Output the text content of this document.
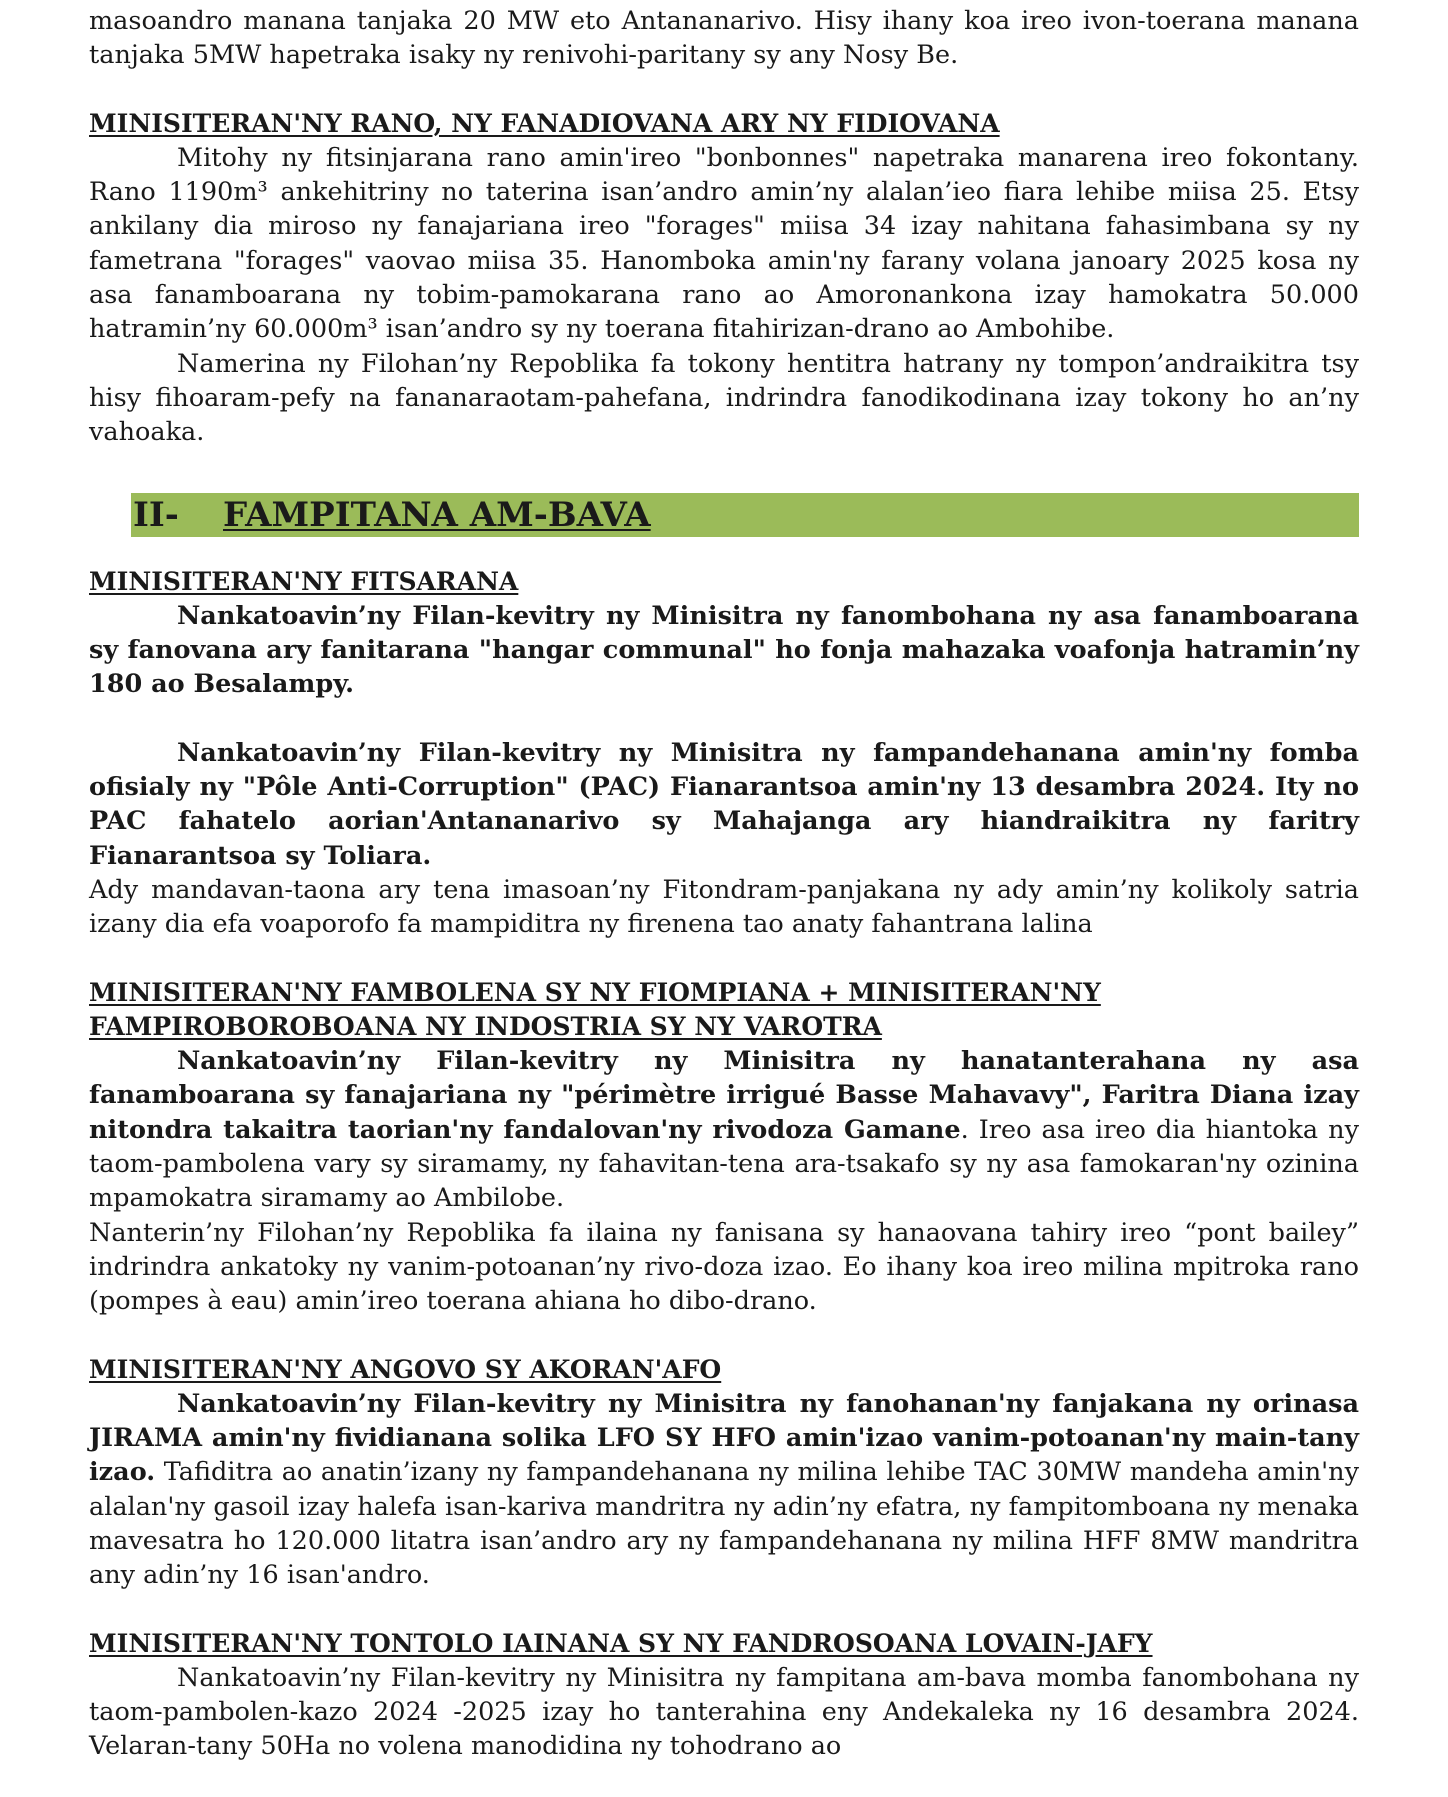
masoandro manana tanjaka 20 MW eto Antananarivo. Hisy ihany koa ireo ivon-toerana manana tanjaka 5MW hapetraka isaky ny renivohi-paritany sy any Nosy Be.

MINISITERAN'NY RANO, NY FANADIOVANA ARY NY FIDIOVANA

Mitohy ny fitsinjarana rano amin'ireo "bonbonnes" napetraka manarena ireo fokontany. Rano 1190m³ ankehitriny no taterina isan’andro amin’ny alalan’ieo fiara lehibe miisa 25. Etsy ankilany dia miroso ny fanajariana ireo "forages" miisa 34 izay nahitana fahasimbana sy ny fametrana "forages" vaovao miisa 35. Hanomboka amin'ny farany volana janoary 2025 kosa ny asa fanamboarana ny tobim-pamokarana rano ao Amoronankona izay hamokatra 50.000 hatramin’ny 60.000m³ isan’andro sy ny toerana fitahirizan-drano ao Ambohibe.

Namerina ny Filohan’ny Repoblika fa tokony hentitra hatrany ny tompon’andraikitra tsy hisy fihoaram-pefy na fananaraotam-pahefana, indrindra fanodikodinana izay tokony ho an’ny vahoaka.

II-	FAMPITANA AM-BAVA
MINISITERAN'NY FITSARANA

Nankatoavin’ny Filan-kevitry ny Minisitra ny fanombohana ny asa fanamboarana sy fanovana ary fanitarana "hangar communal" ho fonja mahazaka voafonja hatramin’ny 180 ao Besalampy.

Nankatoavin’ny Filan-kevitry ny Minisitra ny fampandehanana amin'ny fomba ofisialy ny "Pôle Anti-Corruption" (PAC) Fianarantsoa amin'ny 13 desambra 2024. Ity no PAC fahatelo aorian'Antananarivo sy Mahajanga ary hiandraikitra ny faritry Fianarantsoa sy Toliara.

Ady mandavan-taona ary tena imasoan’ny Fitondram-panjakana ny ady amin’ny kolikoly satria izany dia efa voaporofo fa mampiditra ny firenena tao anaty fahantrana lalina

MINISITERAN'NY FAMBOLENA SY NY FIOMPIANA + MINISITERAN'NY
FAMPIROBOROBOANA NY INDOSTRIA SY NY VAROTRA

Nankatoavin’ny Filan-kevitry ny Minisitra ny hanatanterahana ny asa fanamboarana sy fanajariana ny "périmètre irrigué Basse Mahavavy", Faritra Diana izay nitondra takaitra taorian'ny fandalovan'ny rivodoza Gamane. Ireo asa ireo dia hiantoka ny taom-pambolena vary sy siramamy, ny fahavitan-tena ara-tsakafo sy ny asa famokaran'ny ozinina mpamokatra siramamy ao Ambilobe.

Nanterin’ny Filohan’ny Repoblika fa ilaina ny fanisana sy hanaovana tahiry ireo “pont bailey” indrindra ankatoky ny vanim-potoanan’ny rivo-doza izao. Eo ihany koa ireo milina mpitroka rano (pompes à eau) amin’ireo toerana ahiana ho dibo-drano.

MINISITERAN'NY ANGOVO SY AKORAN'AFO

Nankatoavin’ny Filan-kevitry ny Minisitra ny fanohanan'ny fanjakana ny orinasa JIRAMA amin'ny fividianana solika LFO SY HFO amin'izao vanim-potoanan'ny main-tany izao. Tafiditra ao anatin’izany ny fampandehanana ny milina lehibe TAC 30MW mandeha amin'ny alalan'ny gasoil izay halefa isan-kariva mandritra ny adin’ny efatra, ny fampitomboana ny menaka mavesatra ho 120.000 litatra isan’andro ary ny fampandehanana ny milina HFF 8MW mandritra any adin’ny 16 isan'andro.

MINISITERAN'NY TONTOLO IAINANA SY NY FANDROSOANA LOVAIN-JAFY

Nankatoavin’ny Filan-kevitry ny Minisitra ny fampitana am-bava momba fanombohana ny taom-pambolen-kazo 2024 -2025 izay ho tanterahina eny Andekaleka ny 16 desambra 2024. Velaran-tany 50Ha no volena manodidina ny tohodrano ao
